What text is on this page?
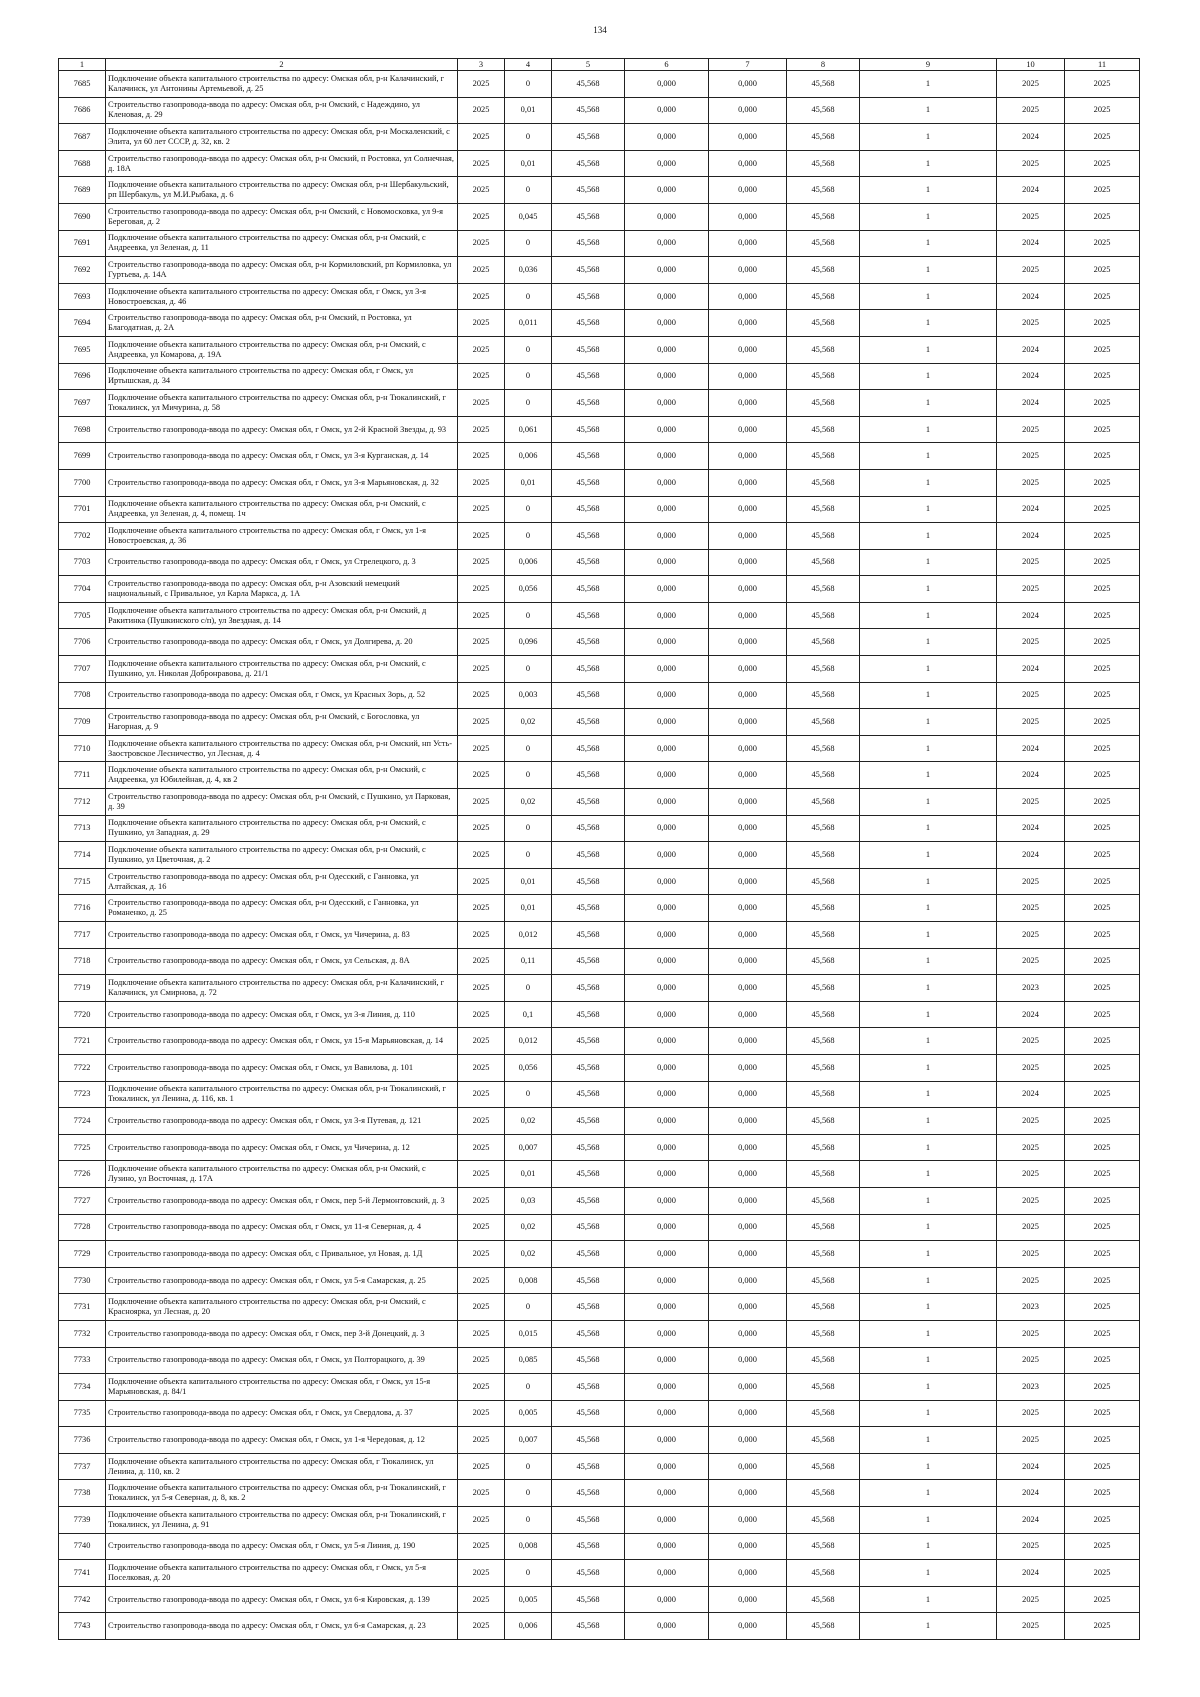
134
1	2	3	4	5	6	7	8	9	10	11
7685	Подключение объекта капитального строительства по адресу: Омская обл, р-н Калачинский, г Калачинск, ул Антонины Артемьевой, д. 25	2025	0	45,568	0,000	0,000	45,568	1	2025	2025
7686	Строительство газопровода-ввода по адресу: Омская обл, р-н Омский, с Надеждино, ул Кленовая, д. 29	2025	0,01	45,568	0,000	0,000	45,568	1	2025	2025
7687	Подключение объекта капитального строительства по адресу: Омская обл, р-н Москаленский, с Элита, ул 60 лет СССР, д. 32, кв. 2	2025	0	45,568	0,000	0,000	45,568	1	2024	2025
7688	Строительство газопровода-ввода по адресу: Омская обл, р-н Омский, п Ростовка, ул Солнечная, д. 18А	2025	0,01	45,568	0,000	0,000	45,568	1	2025	2025
7689	Подключение объекта капитального строительства по адресу: Омская обл, р-н Шербакульский, рп Шербакуль, ул М.И.Рыбака, д. 6	2025	0	45,568	0,000	0,000	45,568	1	2024	2025
7690	Строительство газопровода-ввода по адресу: Омская обл, р-н Омский, с Новомосковка, ул 9-я Береговая, д. 2	2025	0,045	45,568	0,000	0,000	45,568	1	2025	2025
7691	Подключение объекта капитального строительства по адресу: Омская обл, р-н Омский, с Андреевка, ул Зеленая, д. 11	2025	0	45,568	0,000	0,000	45,568	1	2024	2025
7692	Строительство газопровода-ввода по адресу: Омская обл, р-н Кормиловский, рп Кормиловка, ул Гуртьева, д. 14А	2025	0,036	45,568	0,000	0,000	45,568	1	2025	2025
7693	Подключение объекта капитального строительства по адресу: Омская обл, г Омск, ул 3-я Новостроевская, д. 46	2025	0	45,568	0,000	0,000	45,568	1	2024	2025
7694	Строительство газопровода-ввода по адресу: Омская обл, р-н Омский, п Ростовка, ул Благодатная, д. 2А	2025	0,011	45,568	0,000	0,000	45,568	1	2025	2025
7695	Подключение объекта капитального строительства по адресу: Омская обл, р-н Омский, с Андреевка, ул Комарова, д. 19А	2025	0	45,568	0,000	0,000	45,568	1	2024	2025
7696	Подключение объекта капитального строительства по адресу: Омская обл, г Омск, ул Иртышская, д. 34	2025	0	45,568	0,000	0,000	45,568	1	2024	2025
7697	Подключение объекта капитального строительства по адресу: Омская обл, р-н Тюкалинский, г Тюкалинск, ул Мичурина, д. 58	2025	0	45,568	0,000	0,000	45,568	1	2024	2025
7698	Строительство газопровода-ввода по адресу: Омская обл, г Омск, ул 2-й Красной Звезды, д. 93	2025	0,061	45,568	0,000	0,000	45,568	1	2025	2025
7699	Строительство газопровода-ввода по адресу: Омская обл, г Омск, ул 3-я Курганская, д. 14	2025	0,006	45,568	0,000	0,000	45,568	1	2025	2025
7700	Строительство газопровода-ввода по адресу: Омская обл, г Омск, ул 3-я Марьяновская, д. 32	2025	0,01	45,568	0,000	0,000	45,568	1	2025	2025
7701	Подключение объекта капитального строительства по адресу: Омская обл, р-н Омский, с Андреевка, ул Зеленая, д. 4, помещ. 1ч	2025	0	45,568	0,000	0,000	45,568	1	2024	2025
7702	Подключение объекта капитального строительства по адресу: Омская обл, г Омск, ул 1-я Новостроевская, д. 36	2025	0	45,568	0,000	0,000	45,568	1	2024	2025
7703	Строительство газопровода-ввода по адресу: Омская обл, г Омск, ул Стрелецкого, д. 3	2025	0,006	45,568	0,000	0,000	45,568	1	2025	2025
7704	Строительство газопровода-ввода по адресу: Омская обл, р-н Азовский немецкий национальный, с Привальное, ул Карла Маркса, д. 1А	2025	0,056	45,568	0,000	0,000	45,568	1	2025	2025
7705	Подключение объекта капитального строительства по адресу: Омская обл, р-н Омский, д Ракитинка (Пушкинского с/п), ул Звездная, д. 14	2025	0	45,568	0,000	0,000	45,568	1	2024	2025
7706	Строительство газопровода-ввода по адресу: Омская обл, г Омск, ул Долгирева, д. 20	2025	0,096	45,568	0,000	0,000	45,568	1	2025	2025
7707	Подключение объекта капитального строительства по адресу: Омская обл, р-н Омский, с Пушкино, ул. Николая Добронравова, д. 21/1	2025	0	45,568	0,000	0,000	45,568	1	2024	2025
7708	Строительство газопровода-ввода по адресу: Омская обл, г Омск, ул Красных Зорь, д. 52	2025	0,003	45,568	0,000	0,000	45,568	1	2025	2025
7709	Строительство газопровода-ввода по адресу: Омская обл, р-н Омский, с Богословка, ул Нагорная, д. 9	2025	0,02	45,568	0,000	0,000	45,568	1	2025	2025
7710	Подключение объекта капитального строительства по адресу: Омская обл, р-н Омский, нп Усть-Заостровское Лесничество, ул Лесная, д. 4	2025	0	45,568	0,000	0,000	45,568	1	2024	2025
7711	Подключение объекта капитального строительства по адресу: Омская обл, р-н Омский, с Андреевка, ул Юбилейная, д. 4, кв 2	2025	0	45,568	0,000	0,000	45,568	1	2024	2025
7712	Строительство газопровода-ввода по адресу: Омская обл, р-н Омский, с Пушкино, ул Парковая, д. 39	2025	0,02	45,568	0,000	0,000	45,568	1	2025	2025
7713	Подключение объекта капитального строительства по адресу: Омская обл, р-н Омский, с Пушкино, ул Западная, д. 29	2025	0	45,568	0,000	0,000	45,568	1	2024	2025
7714	Подключение объекта капитального строительства по адресу: Омская обл, р-н Омский, с Пушкино, ул Цветочная, д. 2	2025	0	45,568	0,000	0,000	45,568	1	2024	2025
7715	Строительство газопровода-ввода по адресу: Омская обл, р-н Одесский, с Ганновка, ул Алтайская, д. 16	2025	0,01	45,568	0,000	0,000	45,568	1	2025	2025
7716	Строительство газопровода-ввода по адресу: Омская обл, р-н Одесский, с Ганновка, ул Романенко, д. 25	2025	0,01	45,568	0,000	0,000	45,568	1	2025	2025
7717	Строительство газопровода-ввода по адресу: Омская обл, г Омск, ул Чичерина, д. 83	2025	0,012	45,568	0,000	0,000	45,568	1	2025	2025
7718	Строительство газопровода-ввода по адресу: Омская обл, г Омск, ул Сельская, д. 8А	2025	0,11	45,568	0,000	0,000	45,568	1	2025	2025
7719	Подключение объекта капитального строительства по адресу: Омская обл, р-н Калачинский, г Калачинск, ул Смирнова, д. 72	2025	0	45,568	0,000	0,000	45,568	1	2023	2025
7720	Строительство газопровода-ввода по адресу: Омская обл, г Омск, ул 3-я Линия, д. 110	2025	0,1	45,568	0,000	0,000	45,568	1	2024	2025
7721	Строительство газопровода-ввода по адресу: Омская обл, г Омск, ул 15-я Марьяновская, д. 14	2025	0,012	45,568	0,000	0,000	45,568	1	2025	2025
7722	Строительство газопровода-ввода по адресу: Омская обл, г Омск, ул Вавилова, д. 101	2025	0,056	45,568	0,000	0,000	45,568	1	2025	2025
7723	Подключение объекта капитального строительства по адресу: Омская обл, р-н Тюкалинский, г Тюкалинск, ул Ленина, д. 116, кв. 1	2025	0	45,568	0,000	0,000	45,568	1	2024	2025
7724	Строительство газопровода-ввода по адресу: Омская обл, г Омск, ул 3-я Путевая, д. 121	2025	0,02	45,568	0,000	0,000	45,568	1	2025	2025
7725	Строительство газопровода-ввода по адресу: Омская обл, г Омск, ул Чичерина, д. 12	2025	0,007	45,568	0,000	0,000	45,568	1	2025	2025
7726	Подключение объекта капитального строительства по адресу: Омская обл, р-н Омский, с Лузино, ул Восточная, д. 17А	2025	0,01	45,568	0,000	0,000	45,568	1	2025	2025
7727	Строительство газопровода-ввода по адресу: Омская обл, г Омск, пер 5-й Лермонтовский, д. 3	2025	0,03	45,568	0,000	0,000	45,568	1	2025	2025
7728	Строительство газопровода-ввода по адресу: Омская обл, г Омск, ул 11-я Северная, д. 4	2025	0,02	45,568	0,000	0,000	45,568	1	2025	2025
7729	Строительство газопровода-ввода по адресу: Омская обл, с Привальное, ул Новая, д. 1Д	2025	0,02	45,568	0,000	0,000	45,568	1	2025	2025
7730	Строительство газопровода-ввода по адресу: Омская обл, г Омск, ул 5-я Самарская, д. 25	2025	0,008	45,568	0,000	0,000	45,568	1	2025	2025
7731	Подключение объекта капитального строительства по адресу: Омская обл, р-н Омский, с Красноярка, ул Лесная, д. 20	2025	0	45,568	0,000	0,000	45,568	1	2023	2025
7732	Строительство газопровода-ввода по адресу: Омская обл, г Омск, пер 3-й Донецкий, д. 3	2025	0,015	45,568	0,000	0,000	45,568	1	2025	2025
7733	Строительство газопровода-ввода по адресу: Омская обл, г Омск, ул Полторацкого, д. 39	2025	0,085	45,568	0,000	0,000	45,568	1	2025	2025
7734	Подключение объекта капитального строительства по адресу: Омская обл, г Омск, ул 15-я Марьяновская, д. 84/1	2025	0	45,568	0,000	0,000	45,568	1	2023	2025
7735	Строительство газопровода-ввода по адресу: Омская обл, г Омск, ул Свердлова, д. 37	2025	0,005	45,568	0,000	0,000	45,568	1	2025	2025
7736	Строительство газопровода-ввода по адресу: Омская обл, г Омск, ул 1-я Чередовая, д. 12	2025	0,007	45,568	0,000	0,000	45,568	1	2025	2025
7737	Подключение объекта капитального строительства по адресу: Омская обл, г Тюкалинск, ул Ленина, д. 110, кв. 2	2025	0	45,568	0,000	0,000	45,568	1	2024	2025
7738	Подключение объекта капитального строительства по адресу: Омская обл, р-н Тюкалинский, г Тюкалинск, ул 5-я Северная, д. 8, кв. 2	2025	0	45,568	0,000	0,000	45,568	1	2024	2025
7739	Подключение объекта капитального строительства по адресу: Омская обл, р-н Тюкалинский, г Тюкалинск, ул Ленина, д. 91	2025	0	45,568	0,000	0,000	45,568	1	2024	2025
7740	Строительство газопровода-ввода по адресу: Омская обл, г Омск, ул 5-я Линия, д. 190	2025	0,008	45,568	0,000	0,000	45,568	1	2025	2025
7741	Подключение объекта капитального строительства по адресу: Омская обл, г Омск, ул 5-я Поселковая, д. 20	2025	0	45,568	0,000	0,000	45,568	1	2024	2025
7742	Строительство газопровода-ввода по адресу: Омская обл, г Омск, ул 6-я Кировская, д. 139	2025	0,005	45,568	0,000	0,000	45,568	1	2025	2025
7743	Строительство газопровода-ввода по адресу: Омская обл, г Омск, ул 6-я Самарская, д. 23	2025	0,006	45,568	0,000	0,000	45,568	1	2025	2025
